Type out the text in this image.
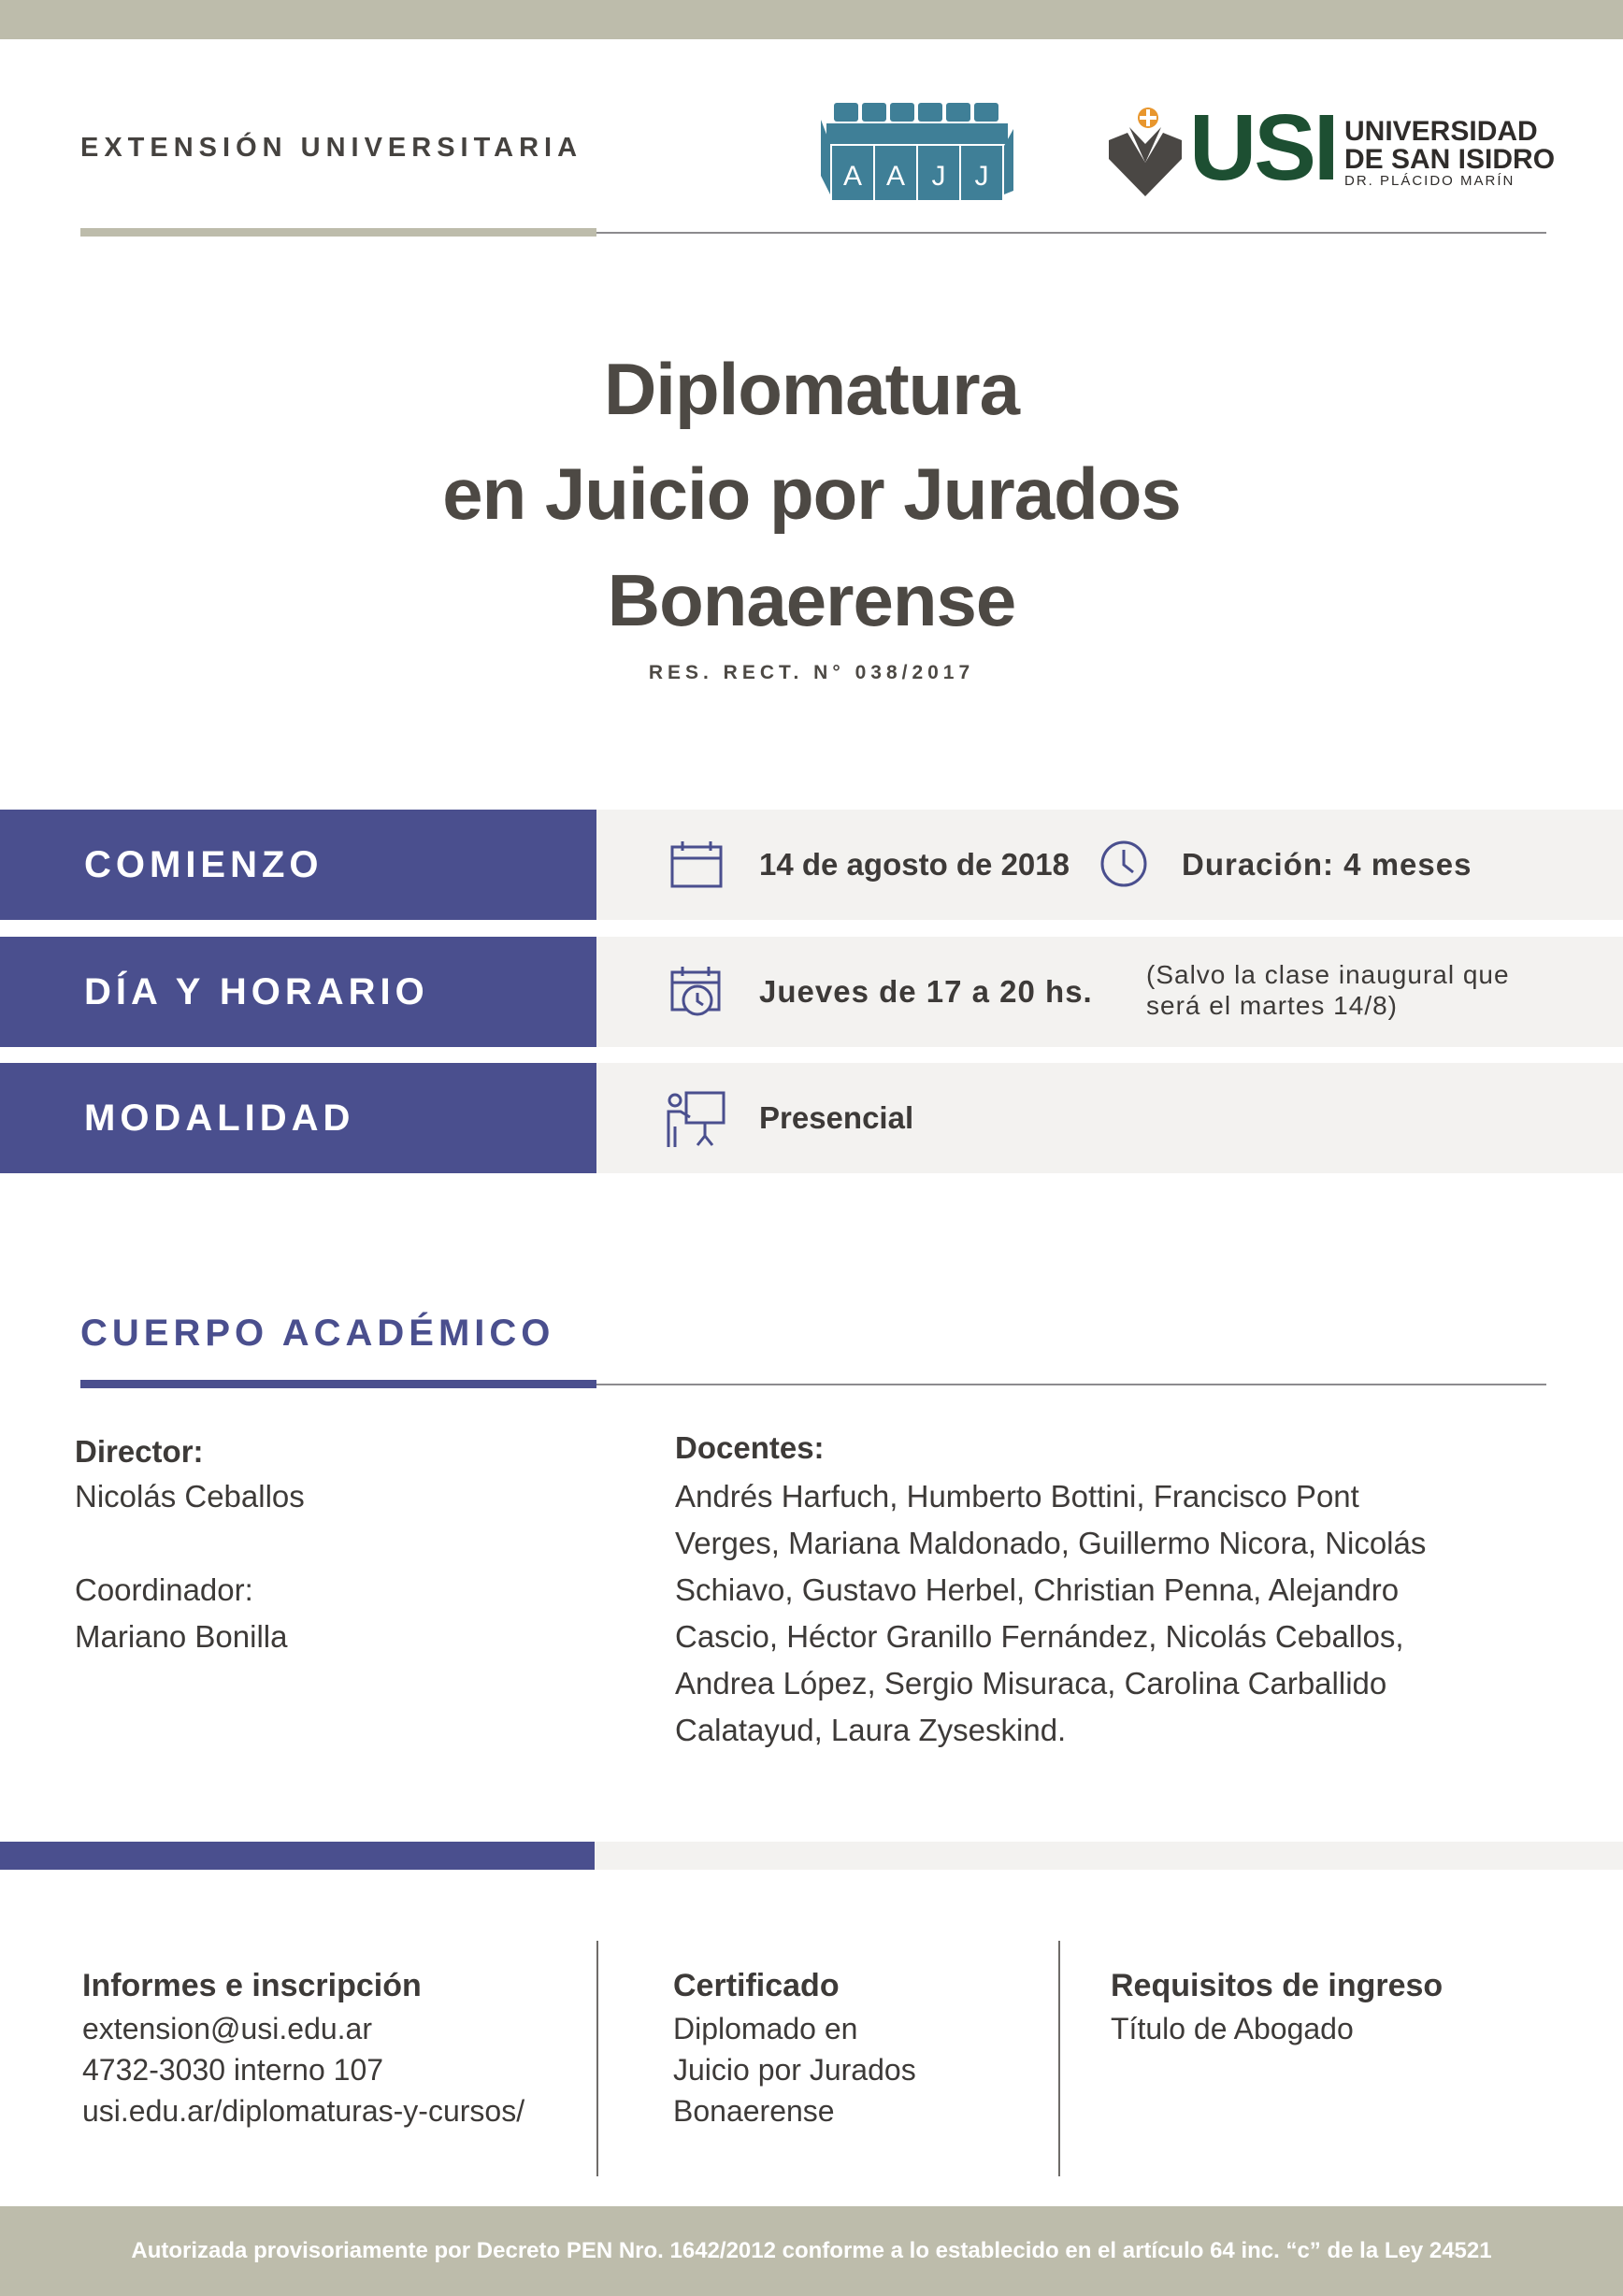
EXTENSIÓN UNIVERSITARIA
A A J J USI UNIVERSIDAD
DE SAN ISIDRO
DR. PLÁCIDO MARÍN
Diplomatura
en Juicio por Jurados
Bonaerense
RES. RECT. N° 038/2017
COMIENZO	14 de agosto de 2018	Duración: 4 meses
DÍA Y HORARIO	Jueves de 17 a 20 hs. (Salvo la clase inaugural que
será el martes 14/8)
MODALIDAD	Presencial
CUERPO ACADÉMICO
Director:
Nicolás Ceballos
Coordinador:
Mariano Bonilla
Docentes:
Andrés Harfuch, Humberto Bottini, Francisco Pont
Verges, Mariana Maldonado, Guillermo Nicora, Nicolás
Schiavo, Gustavo Herbel, Christian Penna, Alejandro
Cascio, Héctor Granillo Fernández, Nicolás Ceballos,
Andrea López, Sergio Misuraca, Carolina Carballido
Calatayud, Laura Zyseskind.
Informes e inscripción
extension@usi.edu.ar
4732-3030 interno 107
usi.edu.ar/diplomaturas-y-cursos/
Certificado
Diplomado en
Juicio por Jurados
Bonaerense
Requisitos de ingreso
Título de Abogado
Autorizada provisoriamente por Decreto PEN Nro. 1642/2012 conforme a lo establecido en el artículo 64 inc. “c” de la Ley 24521
